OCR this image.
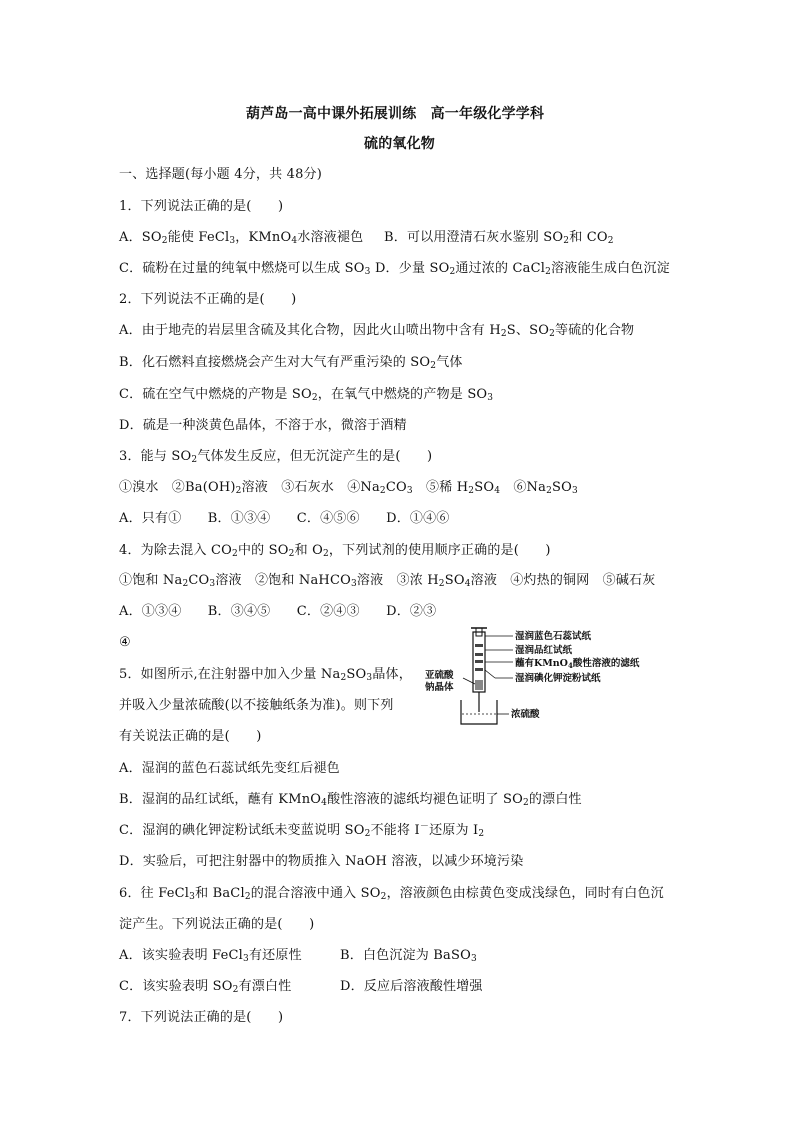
葫芦岛一高中课外拓展训练　高一年级化学学科
硫的氧化物
一、选择题(每小题 4分，共 48分)
1．下列说法正确的是(　　)
A．$SO_2$能使 FeCl$_3$，KMnO$_4$水溶液褪色 B．可以用澄清石灰水鉴别 $SO_2$和 $CO_2$
C．硫粉在过量的纯氧中燃烧可以生成 $SO_3$ D．少量 $SO_2$通过浓的 CaCl$_2$溶液能生成白色沉淀
2．下列说法不正确的是(　　)
A．由于地壳的岩层里含硫及其化合物，因此火山喷出物中含有 $H_2S$、$SO_2$等硫的化合物
B．化石燃料直接燃烧会产生对大气有严重污染的 $SO_2$气体
C．硫在空气中燃烧的产物是 $SO_2$，在氧气中燃烧的产物是 $SO_3$
D．硫是一种淡黄色晶体，不溶于水，微溶于酒精
3．能与 $SO_2$气体发生反应，但无沉淀产生的是(　　)
①溴水　$②Ba(OH)_2$溶液　③石灰水　$④Na_2CO_3$　⑤稀 $H_2SO_4$　$⑥Na_2SO_3$
A．只有①　　B．①③④　　C．④⑤⑥　　D．①④⑥
4．为除去混入 $CO_2$中的 $SO_2$和 $O_2$，下列试剂的使用顺序正确的是(　　)
①饱和 $Na_2CO_3$溶液　②饱和 NaHCO$_3$溶液　③浓 $H_2SO_4$溶液　④灼热的铜网　⑤碱石灰
A．①③④　　B．③④⑤　　C．②④③　　D．②③
④
5．如图所示,在注射器中加入少量 $Na_2SO_3$晶体，
并吸入少量浓硫酸(以不接触纸条为准)。则下列
有关说法正确的是(　　)
湿润蓝色石蕊试纸
湿润品红试纸
蘸有KMnO$_4$酸性溶液的滤纸
湿润碘化钾淀粉试纸
亚硫酸
钠晶体
浓硫酸
A．湿润的蓝色石蕊试纸先变红后褪色
B．湿润的品红试纸，蘸有 KMnO$_4$酸性溶液的滤纸均褪色证明了 $SO_2$的漂白性
C．湿润的碘化钾淀粉试纸未变蓝说明 $SO_2$不能将 I－还原为 $I_2$
D．实验后，可把注射器中的物质推入 NaOH 溶液，以减少环境污染
6．往 FeCl$_3$和 BaCl$_2$的混合溶液中通入 $SO_2$，溶液颜色由棕黄色变成浅绿色，同时有白色沉
淀产生。下列说法正确的是(　　)
A．该实验表明 FeCl$_3$有还原性	B．白色沉淀为 BaSO$_3$
C．该实验表明 $SO_2$有漂白性	D．反应后溶液酸性增强
7．下列说法正确的是(　　)
